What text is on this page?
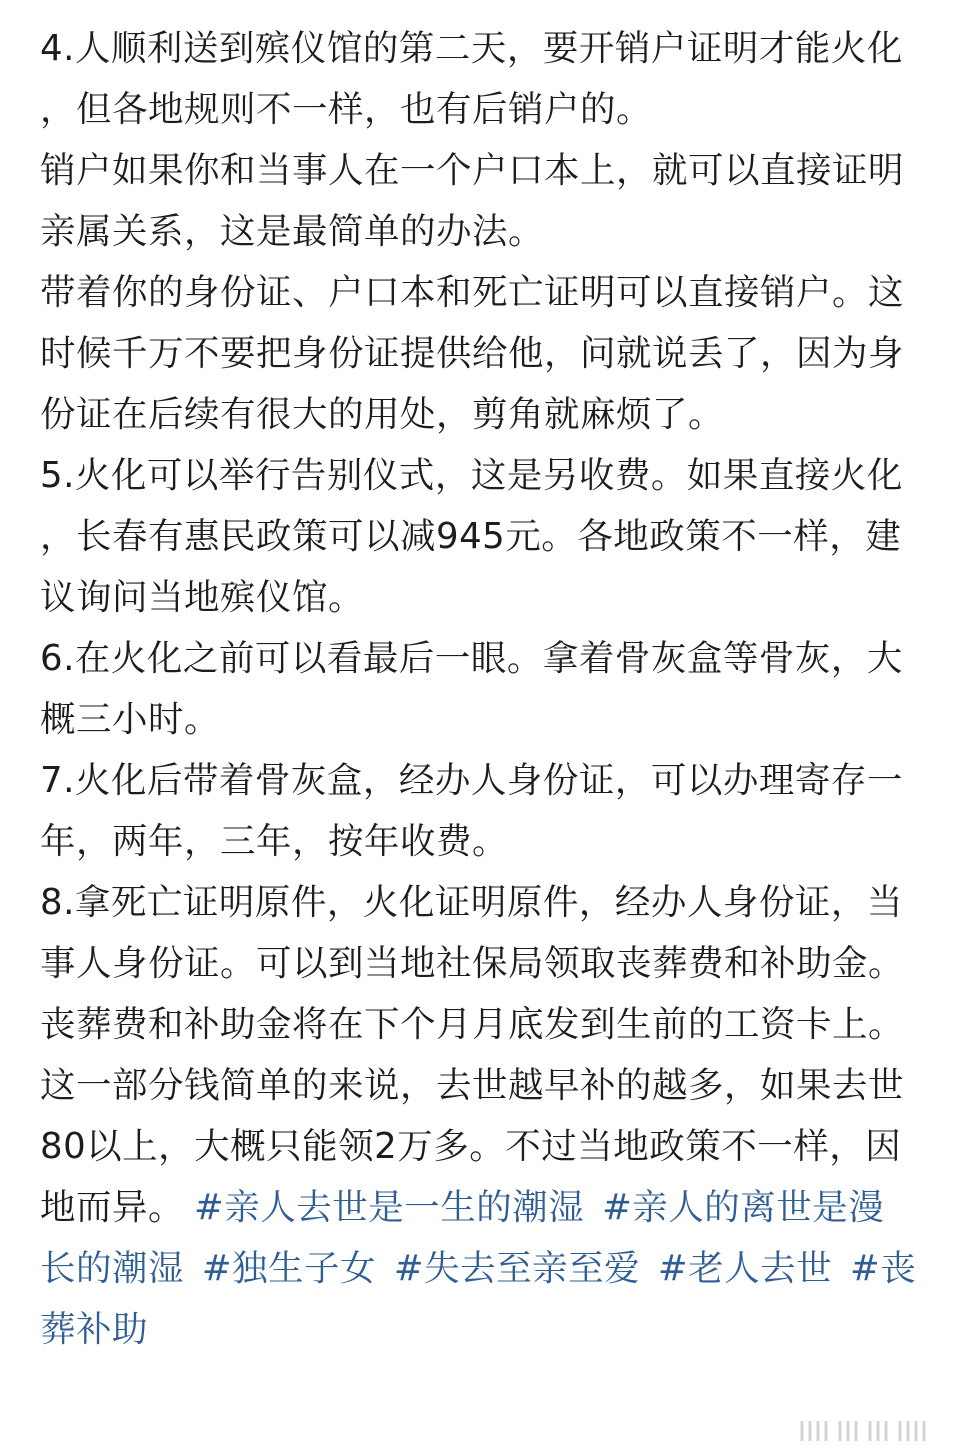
4.人顺利送到殡仪馆的第二天，要开销户证明才能火化，但各地规则不一样，也有后销户的。

销户如果你和当事人在一个户口本上，就可以直接证明亲属关系，这是最简单的办法。

带着你的身份证、户口本和死亡证明可以直接销户。这时候千万不要把身份证提供给他，问就说丢了，因为身份证在后续有很大的用处，剪角就麻烦了。

5.火化可以举行告别仪式，这是另收费。如果直接火化，长春有惠民政策可以减945元。各地政策不一样，建议询问当地殡仪馆。

6.在火化之前可以看最后一眼。拿着骨灰盒等骨灰，大概三小时。

7.火化后带着骨灰盒，经办人身份证，可以办理寄存一年，两年，三年，按年收费。

8.拿死亡证明原件，火化证明原件，经办人身份证，当事人身份证。可以到当地社保局领取丧葬费和补助金。

丧葬费和补助金将在下个月月底发到生前的工资卡上。这一部分钱简单的来说，去世越早补的越多，如果去世80以上，大概只能领2万多。不过当地政策不一样，因地而异。 #亲人去世是一生的潮湿 #亲人的离世是漫长的潮湿 #独生子女 #失去至亲至爱 #老人去世 #丧葬补助
